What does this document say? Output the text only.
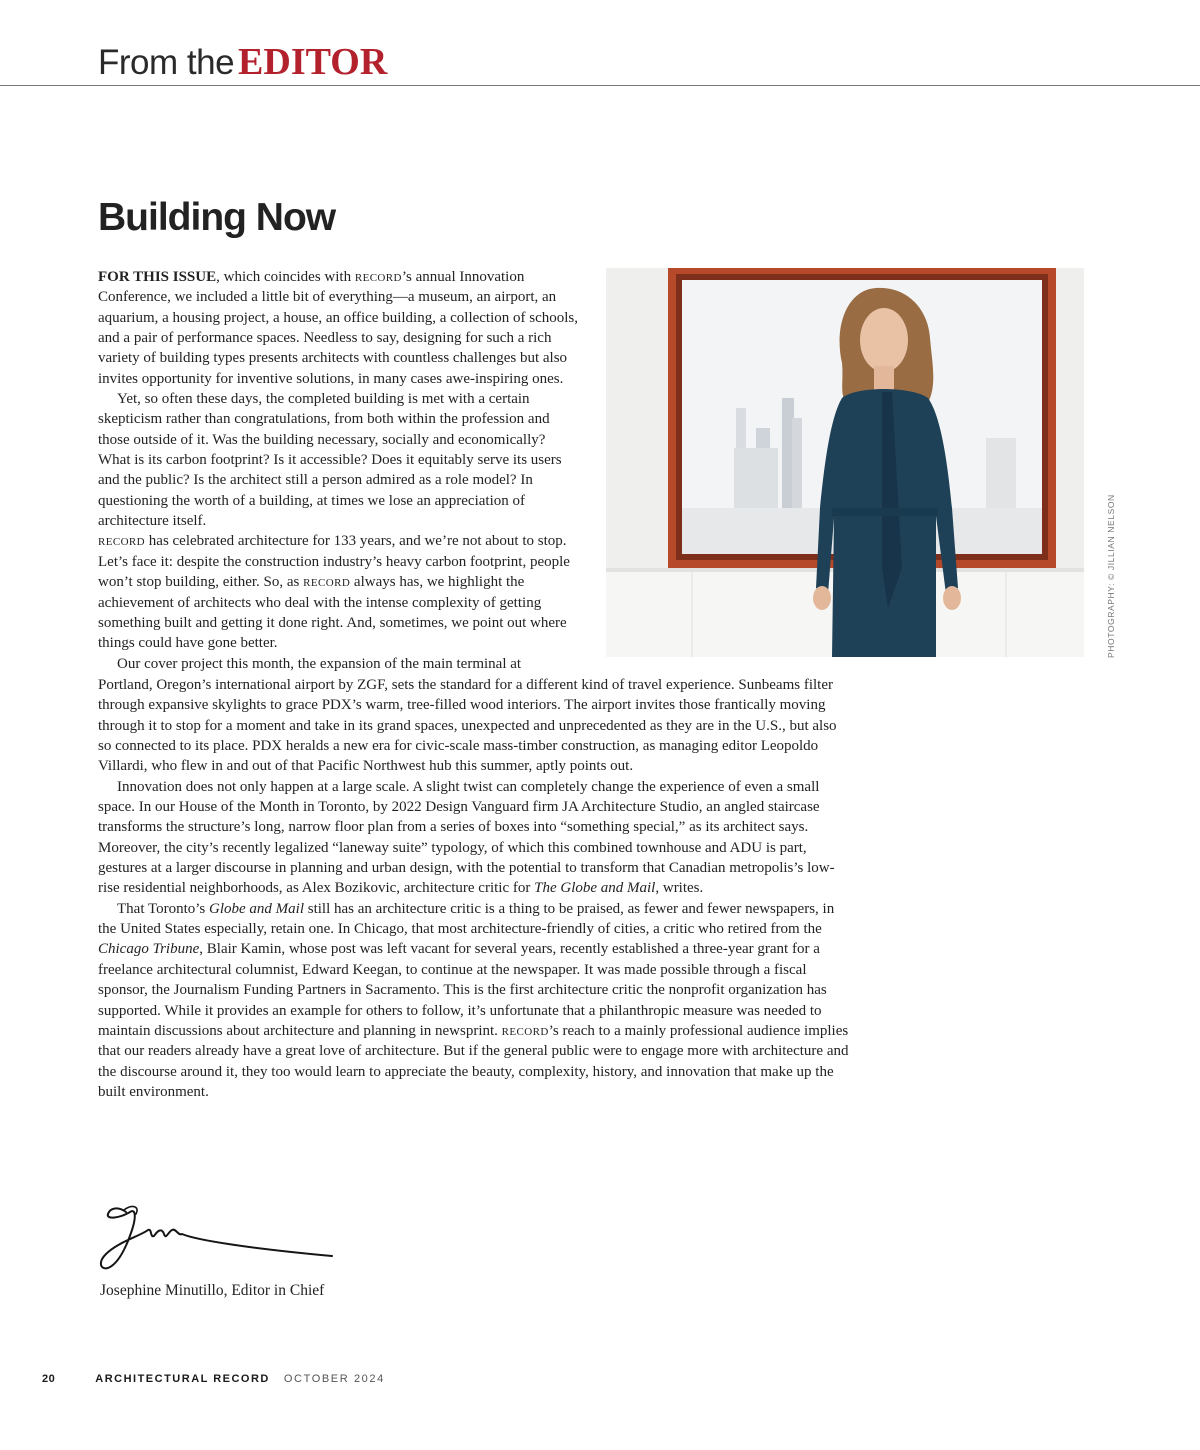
From the EDITOR
Building Now
PHOTOGRAPHY: © JILLIAN NELSON

FOR THIS ISSUE, which coincides with record’s annual Innovation Conference, we included a little bit of everything—a museum, an airport, an aquarium, a housing project, a house, an office building, a collection of schools, and a pair of performance spaces. Needless to say, designing for such a rich variety of building types presents architects with countless challenges but also invites opportunity for inventive solutions, in many cases awe-inspiring ones.

Yet, so often these days, the completed building is met with a certain skepticism rather than congratulations, from both within the profession and those outside of it. Was the building necessary, socially and economically? What is its carbon footprint? Is it accessible? Does it equitably serve its users and the public? Is the architect still a person admired as a role model? In questioning the worth of a building, at times we lose an appreciation of architecture itself.

record has celebrated architecture for 133 years, and we’re not about to stop. Let’s face it: despite the construction industry’s heavy carbon footprint, people won’t stop building, either. So, as record always has, we highlight the achievement of architects who deal with the intense complexity of getting something built and getting it done right. And, sometimes, we point out where things could have gone better.

Our cover project this month, the expansion of the main terminal at

Portland, Oregon’s international airport by ZGF, sets the standard for a different kind of travel experience. Sunbeams filter through expansive skylights to grace PDX’s warm, tree-filled wood interiors. The airport invites those frantically moving through it to stop for a moment and take in its grand spaces, unexpected and unprecedented as they are in the U.S., but also so connected to its place. PDX heralds a new era for civic-scale mass-timber construction, as managing editor Leopoldo Villardi, who flew in and out of that Pacific Northwest hub this summer, aptly points out.

Innovation does not only happen at a large scale. A slight twist can completely change the experience of even a small space. In our House of the Month in Toronto, by 2022 Design Vanguard firm JA Architecture Studio, an angled staircase transforms the structure’s long, narrow floor plan from a series of boxes into “something special,” as its architect says. Moreover, the city’s recently legalized “laneway suite” typology, of which this combined townhouse and ADU is part, gestures at a larger discourse in planning and urban design, with the potential to transform that Canadian metropolis’s low-rise residential neighborhoods, as Alex Bozikovic, architecture critic for The Globe and Mail, writes.

That Toronto’s Globe and Mail still has an architecture critic is a thing to be praised, as fewer and fewer newspapers, in the United States especially, retain one. In Chicago, that most architecture-friendly of cities, a critic who retired from the Chicago Tribune, Blair Kamin, whose post was left vacant for several years, recently established a three-year grant for a freelance architectural columnist, Edward Keegan, to continue at the newspaper. It was made possible through a fiscal sponsor, the Journalism Funding Partners in Sacramento. This is the first architecture critic the nonprofit organization has supported. While it provides an example for others to follow, it’s unfortunate that a philanthropic measure was needed to maintain discussions about architecture and planning in newsprint. record’s reach to a mainly professional audience implies that our readers already have a great love of architecture. But if the general public were to engage more with architecture and the discourse around it, they too would learn to appreciate the beauty, complexity, history, and innovation that make up the built environment.

Josephine Minutillo, Editor in Chief
20	ARCHITECTURAL RECORD OCTOBER 2024
